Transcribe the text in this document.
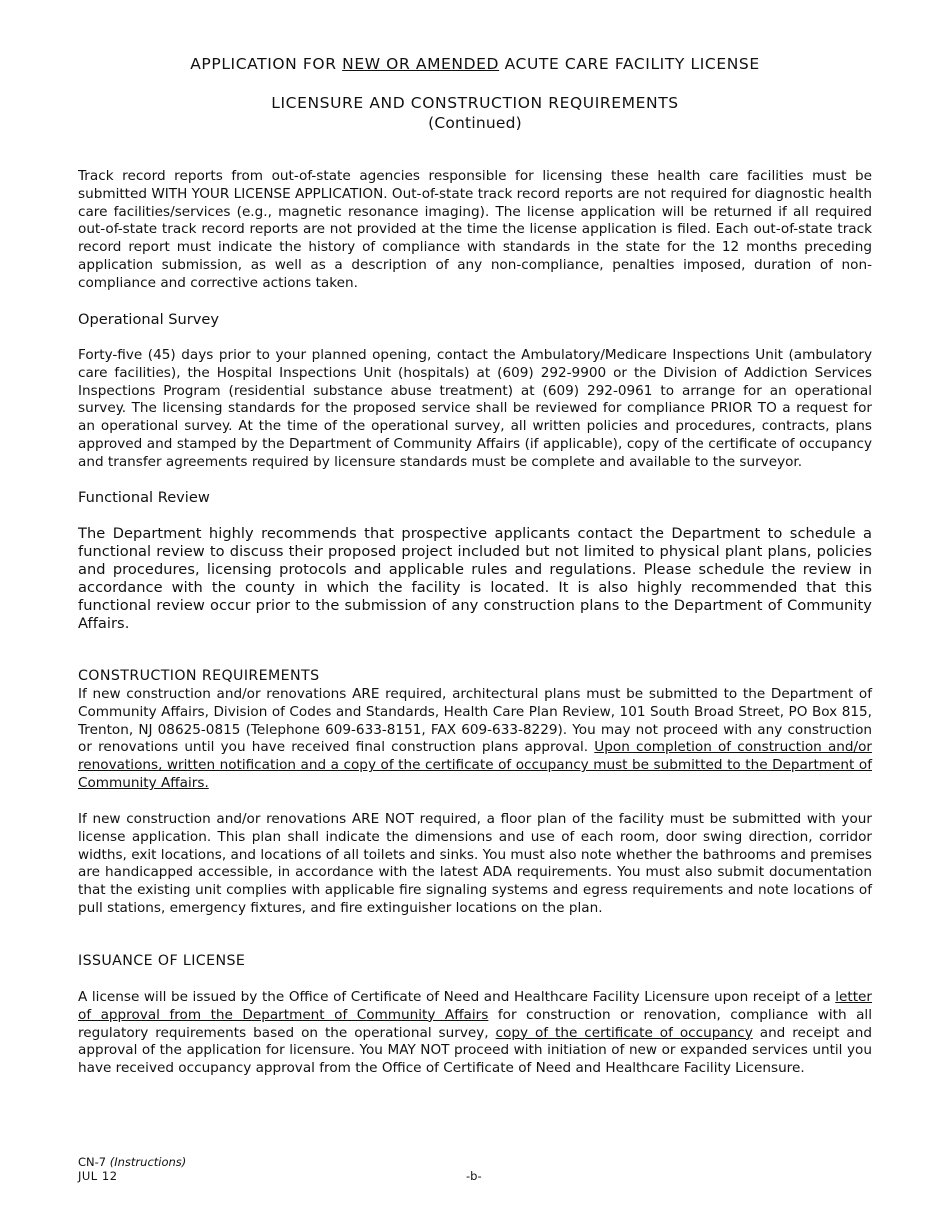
APPLICATION FOR NEW OR AMENDED ACUTE CARE FACILITY LICENSE
LICENSURE AND CONSTRUCTION REQUIREMENTS
(Continued)

Track record reports from out-of-state agencies responsible for licensing these health care facilities must be submitted WITH YOUR LICENSE APPLICATION. Out-of-state track record reports are not required for diagnostic health care facilities/services (e.g., magnetic resonance imaging). The license application will be returned if all required out-of-state track record reports are not provided at the time the license application is filed. Each out-of-state track record report must indicate the history of compliance with standards in the state for the 12 months preceding application submission, as well as a description of any non-compliance, penalties imposed, duration of non-compliance and corrective actions taken.

Operational Survey

Forty-five (45) days prior to your planned opening, contact the Ambulatory/Medicare Inspections Unit (ambulatory care facilities), the Hospital Inspections Unit (hospitals) at (609) 292-9900 or the Division of Addiction Services Inspections Program (residential substance abuse treatment) at (609) 292-0961 to arrange for an operational survey. The licensing standards for the proposed service shall be reviewed for compliance PRIOR TO a request for an operational survey. At the time of the operational survey, all written policies and procedures, contracts, plans approved and stamped by the Department of Community Affairs (if applicable), copy of the certificate of occupancy and transfer agreements required by licensure standards must be complete and available to the surveyor.

Functional Review

The Department highly recommends that prospective applicants contact the Department to schedule a functional review to discuss their proposed project included but not limited to physical plant plans, policies and procedures, licensing protocols and applicable rules and regulations. Please schedule the review in accordance with the county in which the facility is located. It is also highly recommended that this functional review occur prior to the submission of any construction plans to the Department of Community Affairs.

CONSTRUCTION REQUIREMENTS

If new construction and/or renovations ARE required, architectural plans must be submitted to the Department of Community Affairs, Division of Codes and Standards, Health Care Plan Review, 101 South Broad Street, PO Box 815, Trenton, NJ 08625-0815 (Telephone 609-633-8151, FAX 609-633-8229). You may not proceed with any construction or renovations until you have received final construction plans approval. Upon completion of construction and/or renovations, written notification and a copy of the certificate of occupancy must be submitted to the Department of Community Affairs.

If new construction and/or renovations ARE NOT required, a floor plan of the facility must be submitted with your license application. This plan shall indicate the dimensions and use of each room, door swing direction, corridor widths, exit locations, and locations of all toilets and sinks. You must also note whether the bathrooms and premises are handicapped accessible, in accordance with the latest ADA requirements. You must also submit documentation that the existing unit complies with applicable fire signaling systems and egress requirements and note locations of pull stations, emergency fixtures, and fire extinguisher locations on the plan.

ISSUANCE OF LICENSE

A license will be issued by the Office of Certificate of Need and Healthcare Facility Licensure upon receipt of a letter of approval from the Department of Community Affairs for construction or renovation, compliance with all regulatory requirements based on the operational survey, copy of the certificate of occupancy and receipt and approval of the application for licensure. You MAY NOT proceed with initiation of new or expanded services until you have received occupancy approval from the Office of Certificate of Need and Healthcare Facility Licensure.

CN-7 (Instructions)
JUL 12	-b-
